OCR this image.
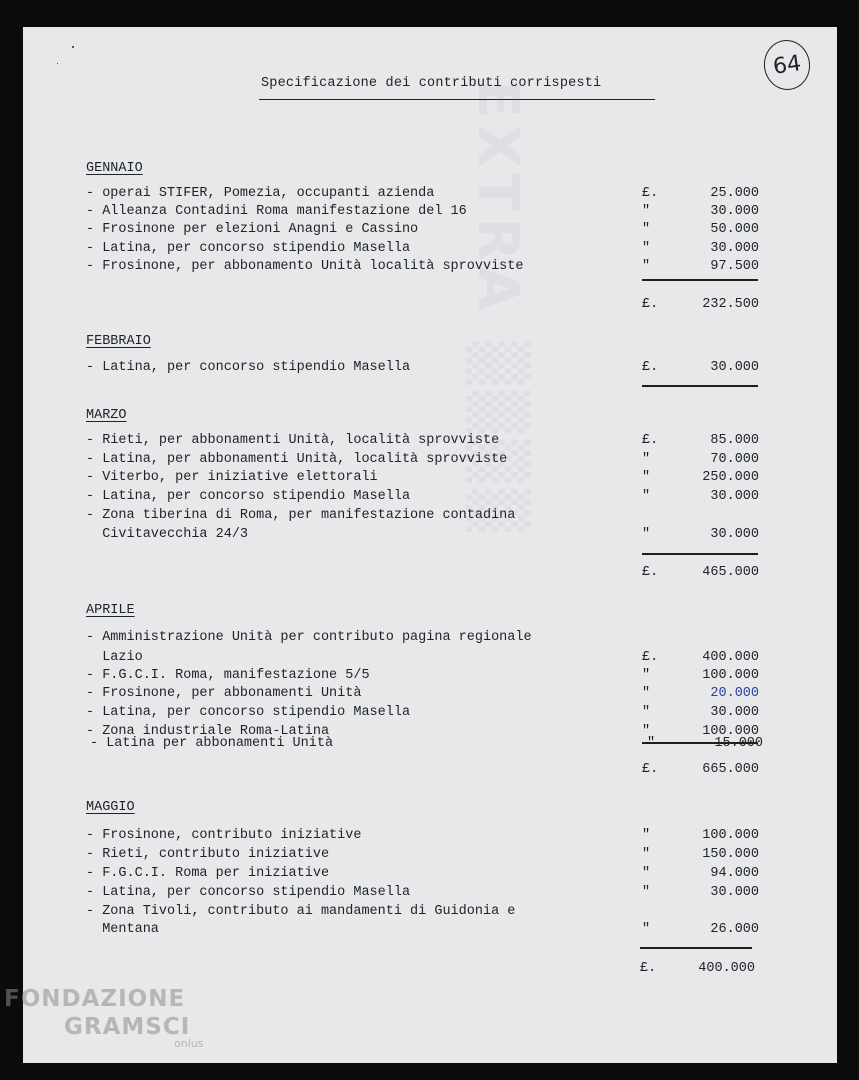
EXTRA ▒▒▒▒
64
Specificazione dei contributi corrispesti
GENNAIO
- operai STIFER, Pomezia, occupanti azienda	£.	25.000
- Alleanza Contadini Roma manifestazione del 16	"	30.000
- Frosinone per elezioni Anagni e Cassino	"	50.000
- Latina, per concorso stipendio Masella	"	30.000
- Frosinone, per abbonamento Unità località sprovviste	"	97.500
£.	232.500
FEBBRAIO
- Latina, per concorso stipendio Masella	£.	30.000
MARZO
- Rieti, per abbonamenti Unità, località sprovviste	£.	85.000
- Latina, per abbonamenti Unità, località sprovviste	"	70.000
- Viterbo, per iniziative elettorali	"	250.000
- Latina, per concorso stipendio Masella	"	30.000
- Zona tiberina di Roma, per manifestazione contadina
Civitavecchia 24/3	"	30.000
£.	465.000
APRILE
- Amministrazione Unità per contributo pagina regionale
Lazio	£.	400.000
- F.G.C.I. Roma, manifestazione 5/5	"	100.000
- Frosinone, per abbonamenti Unità	"	20.000
- Latina, per concorso stipendio Masella	"	30.000
- Zona industriale Roma-Latina	"	100.000
- Latina per abbonamenti Unità	"	15.000
£.	665.000
MAGGIO
- Frosinone, contributo iniziative	"	100.000
- Rieti, contributo iniziative	"	150.000
- F.G.C.I. Roma per iniziative	"	94.000
- Latina, per concorso stipendio Masella	"	30.000
- Zona Tivoli, contributo ai mandamenti di Guidonia e
Mentana	"	26.000
£.	400.000
FONDAZIONE
GRAMSCI
onlus
